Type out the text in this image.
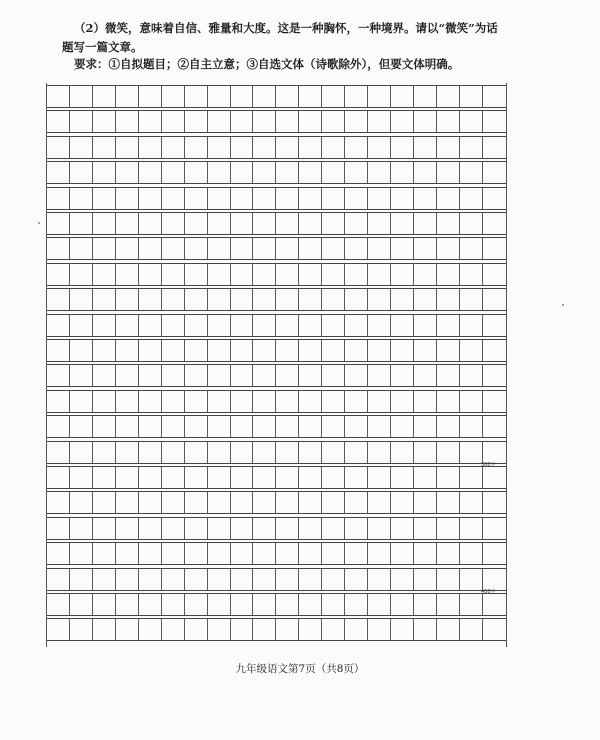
（2）微笑，意味着自信、雅量和大度。这是一种胸怀，一种境界。请以“微笑”为话

题写一篇文章。

要求：①自拟题目；②自主立意；③自选文体（诗歌除外），但要文体明确。
300字
400字
九年级语文第7页（共8页）
